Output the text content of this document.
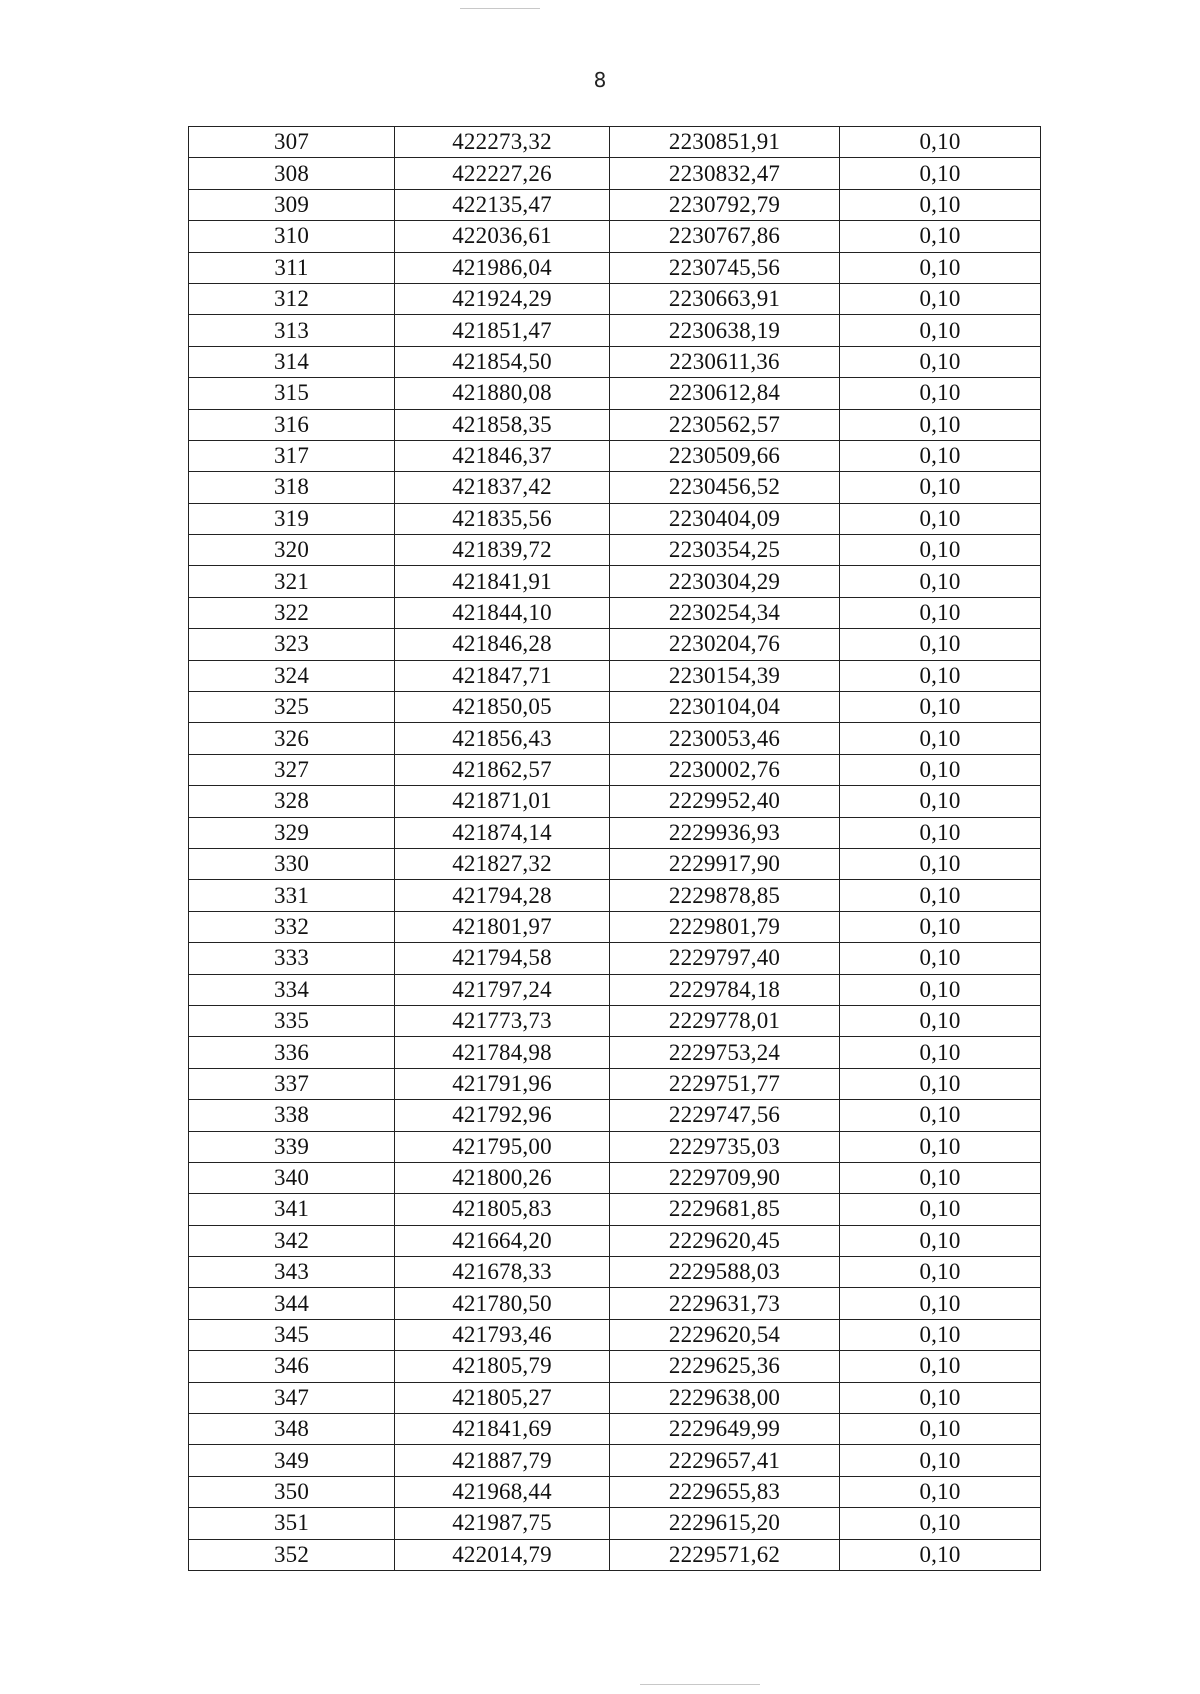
8
307	422273,32	2230851,91	0,10
308	422227,26	2230832,47	0,10
309	422135,47	2230792,79	0,10
310	422036,61	2230767,86	0,10
311	421986,04	2230745,56	0,10
312	421924,29	2230663,91	0,10
313	421851,47	2230638,19	0,10
314	421854,50	2230611,36	0,10
315	421880,08	2230612,84	0,10
316	421858,35	2230562,57	0,10
317	421846,37	2230509,66	0,10
318	421837,42	2230456,52	0,10
319	421835,56	2230404,09	0,10
320	421839,72	2230354,25	0,10
321	421841,91	2230304,29	0,10
322	421844,10	2230254,34	0,10
323	421846,28	2230204,76	0,10
324	421847,71	2230154,39	0,10
325	421850,05	2230104,04	0,10
326	421856,43	2230053,46	0,10
327	421862,57	2230002,76	0,10
328	421871,01	2229952,40	0,10
329	421874,14	2229936,93	0,10
330	421827,32	2229917,90	0,10
331	421794,28	2229878,85	0,10
332	421801,97	2229801,79	0,10
333	421794,58	2229797,40	0,10
334	421797,24	2229784,18	0,10
335	421773,73	2229778,01	0,10
336	421784,98	2229753,24	0,10
337	421791,96	2229751,77	0,10
338	421792,96	2229747,56	0,10
339	421795,00	2229735,03	0,10
340	421800,26	2229709,90	0,10
341	421805,83	2229681,85	0,10
342	421664,20	2229620,45	0,10
343	421678,33	2229588,03	0,10
344	421780,50	2229631,73	0,10
345	421793,46	2229620,54	0,10
346	421805,79	2229625,36	0,10
347	421805,27	2229638,00	0,10
348	421841,69	2229649,99	0,10
349	421887,79	2229657,41	0,10
350	421968,44	2229655,83	0,10
351	421987,75	2229615,20	0,10
352	422014,79	2229571,62	0,10
